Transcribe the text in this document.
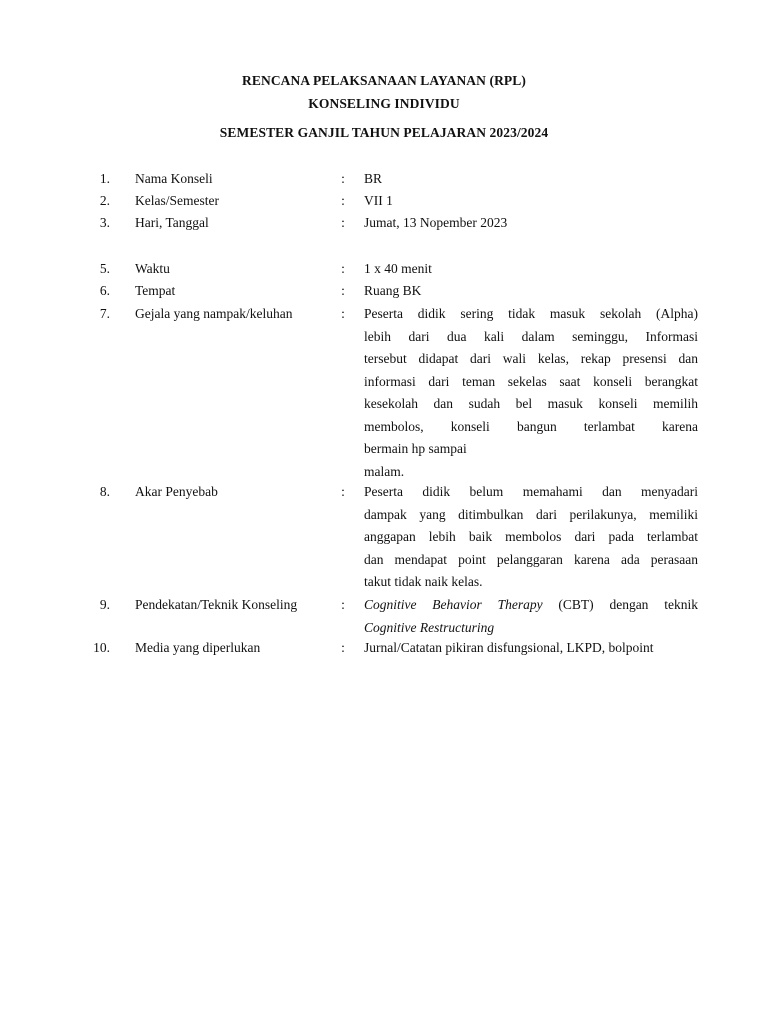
RENCANA PELAKSANAAN LAYANAN (RPL)
KONSELING INDIVIDU
SEMESTER GANJIL TAHUN PELAJARAN 2023/2024
1. Nama Konseli	: BR
2. Kelas/Semester	: VII 1
3. Hari, Tanggal	: Jumat, 13 Nopember 2023
5. Waktu	: 1 x 40 menit
6. Tempat	: Ruang BK
7. Gejala yang nampak/keluhan	: Peserta didik sering tidak masuk sekolah (Alpha)
lebih dari dua kali dalam seminggu, Informasi
tersebut didapat dari wali kelas, rekap presensi dan
informasi dari teman sekelas saat konseli berangkat
kesekolah dan sudah bel masuk konseli memilih
membolos, konseli bangun terlambat karena
bermain hp sampai
malam.
8. Akar Penyebab	: Peserta didik belum memahami dan menyadari
dampak yang ditimbulkan dari perilakunya, memiliki
anggapan lebih baik membolos dari pada terlambat
dan mendapat point pelanggaran karena ada perasaan
takut tidak naik kelas.
9. Pendekatan/Teknik Konseling	: Cognitive Behavior Therapy (CBT) dengan teknik
Cognitive Restructuring
10. Media yang diperlukan	: Jurnal/Catatan pikiran disfungsional, LKPD, bolpoint
